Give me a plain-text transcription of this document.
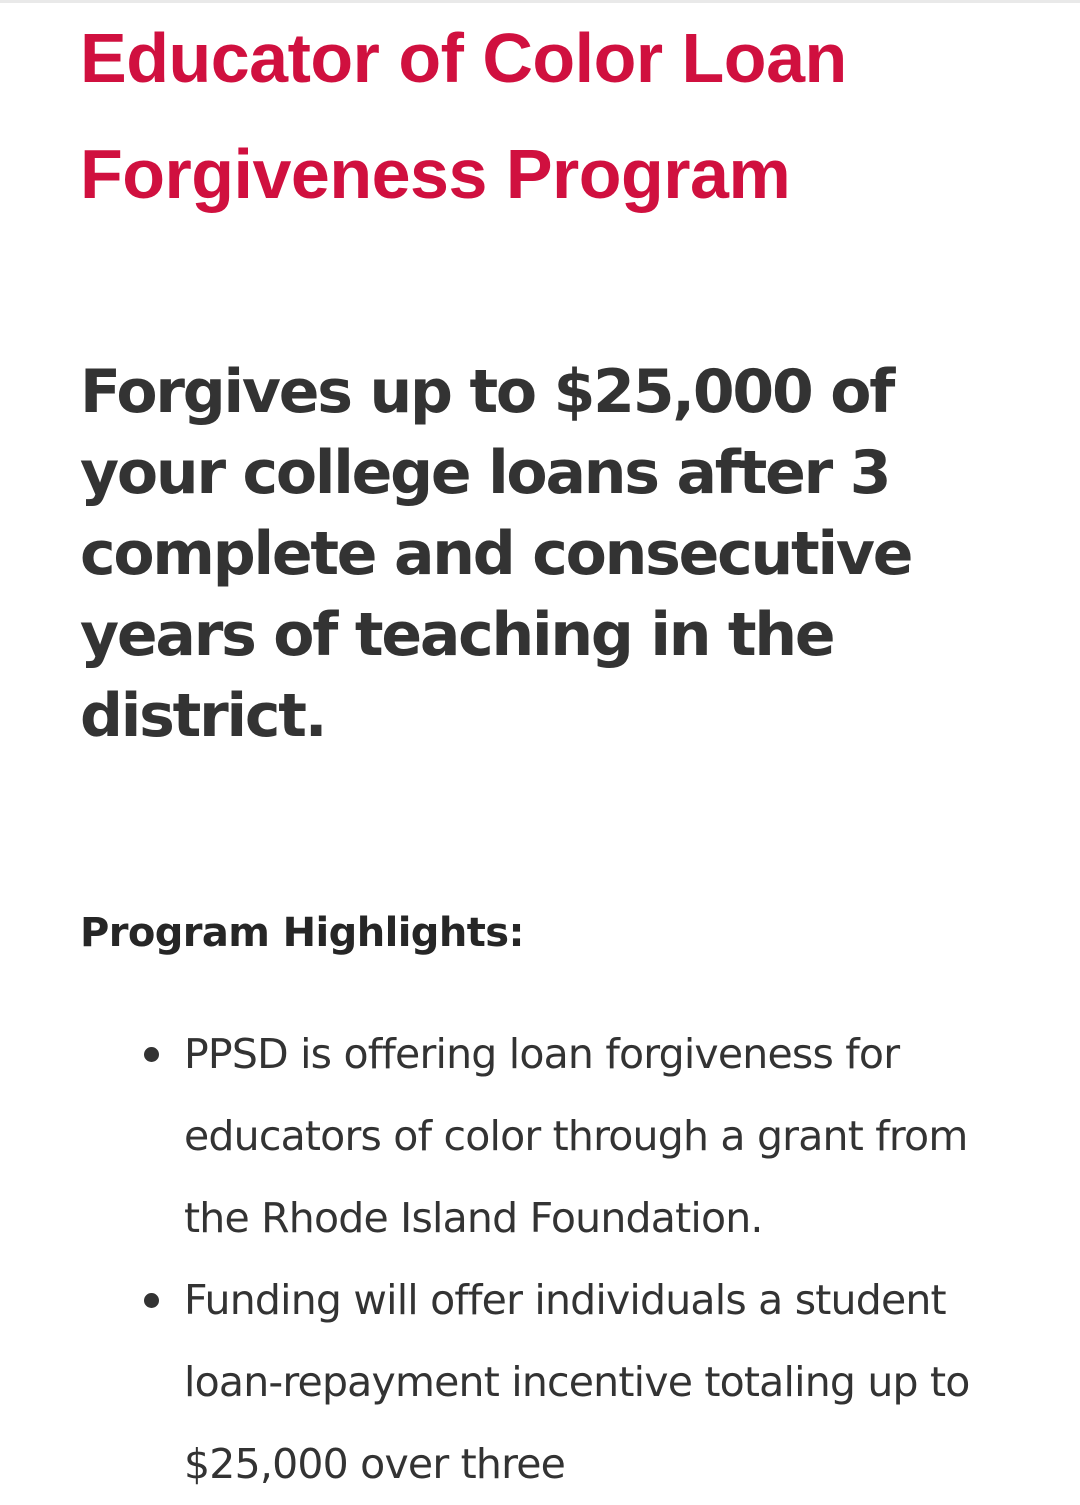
Educator of Color Loan Forgiveness Program
Forgives up to $25,000 of your college loans after 3 complete and consecutive years of teaching in the district.
Program Highlights:
PPSD is offering loan forgiveness for educators of color through a grant from the Rhode Island Foundation.
Funding will offer individuals a student loan-repayment incentive totaling up to $25,000 over three
